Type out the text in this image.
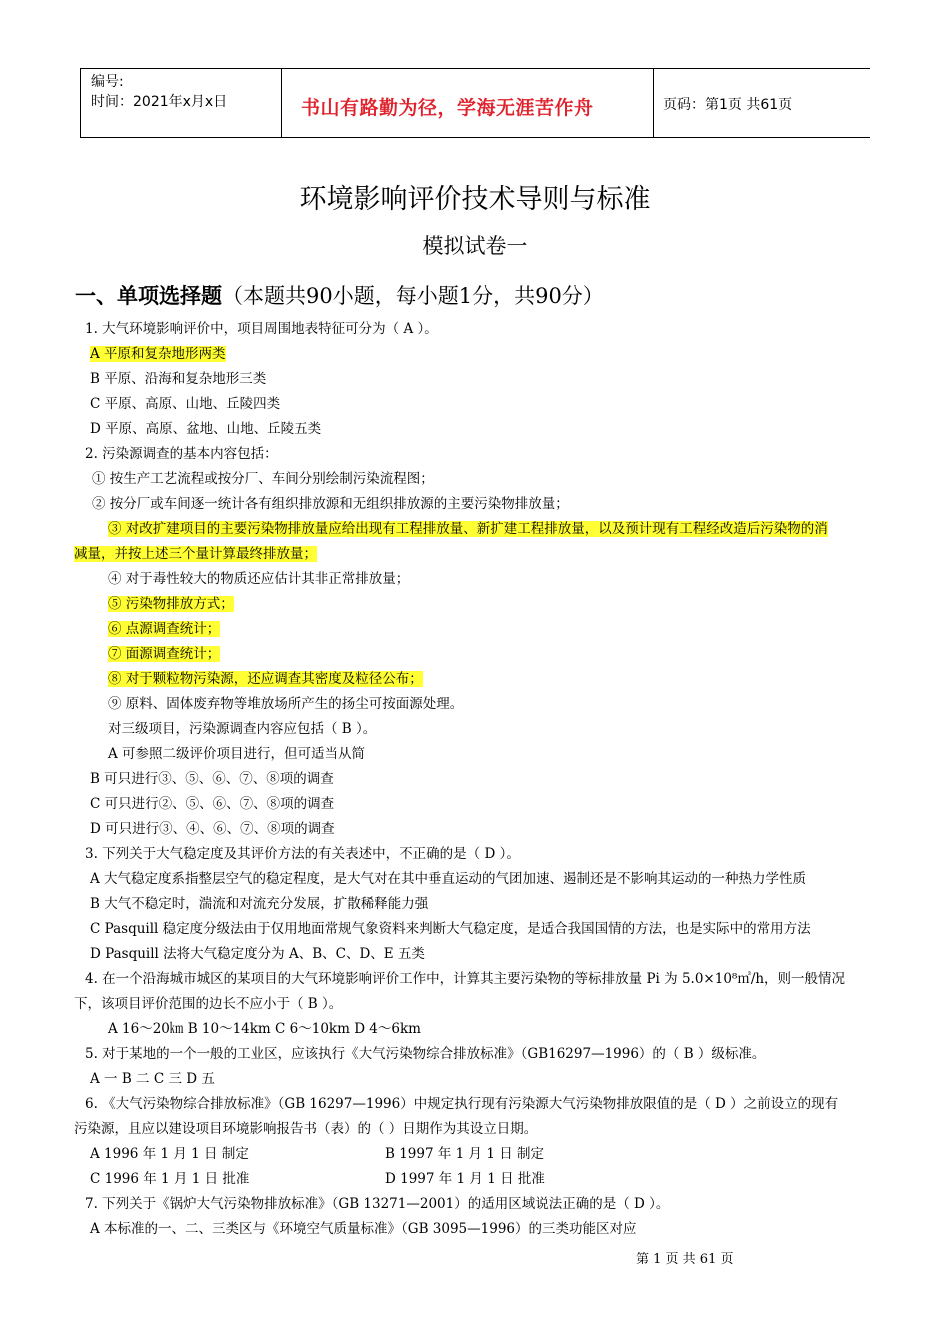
编号:
时间：2021年x月x日	书山有路勤为径，学海无涯苦作舟	页码：第1页 共61页
环境影响评价技术导则与标准
模拟试卷一
一、单项选择题（本题共90小题，每小题1分，共90分）
1. 大气环境影响评价中，项目周围地表特征可分为（ A ）。
A 平原和复杂地形两类
B 平原、沿海和复杂地形三类
C 平原、高原、山地、丘陵四类
D 平原、高原、盆地、山地、丘陵五类
2. 污染源调查的基本内容包括：
① 按生产工艺流程或按分厂、车间分别绘制污染流程图；
② 按分厂或车间逐一统计各有组织排放源和无组织排放源的主要污染物排放量；
③ 对改扩建项目的主要污染物排放量应给出现有工程排放量、新扩建工程排放量，以及预计现有工程经改造后污染物的消
减量，并按上述三个量计算最终排放量；
④ 对于毒性较大的物质还应估计其非正常排放量；
⑤ 污染物排放方式；
⑥ 点源调查统计；
⑦ 面源调查统计；
⑧ 对于颗粒物污染源，还应调查其密度及粒径公布；
⑨ 原料、固体废弃物等堆放场所产生的扬尘可按面源处理。
对三级项目，污染源调查内容应包括（ B ）。
A 可参照二级评价项目进行，但可适当从简
B 可只进行③、⑤、⑥、⑦、⑧项的调查
C 可只进行②、⑤、⑥、⑦、⑧项的调查
D 可只进行③、④、⑥、⑦、⑧项的调查
3. 下列关于大气稳定度及其评价方法的有关表述中，不正确的是（ D ）。
A 大气稳定度系指整层空气的稳定程度，是大气对在其中垂直运动的气团加速、遏制还是不影响其运动的一种热力学性质
B 大气不稳定时，湍流和对流充分发展，扩散稀释能力强
C Pasquill 稳定度分级法由于仅用地面常规气象资料来判断大气稳定度，是适合我国国情的方法，也是实际中的常用方法
D Pasquill 法将大气稳定度分为 A、B、C、D、E 五类
4. 在一个沿海城市城区的某项目的大气环境影响评价工作中，计算其主要污染物的等标排放量 Pi 为 5.0×10⁸㎥/h，则一般情况
下，该项目评价范围的边长不应小于（ B ）。
A 16～20㎞ B 10～14km C 6～10km D 4～6km
5. 对于某地的一个一般的工业区，应该执行《大气污染物综合排放标准》（GB16297—1996）的（ B ）级标准。
A 一 B 二 C 三 D 五
6. 《大气污染物综合排放标准》（GB 16297—1996）中规定执行现有污染源大气污染物排放限值的是（ D ）之前设立的现有
污染源，且应以建设项目环境影响报告书（表）的（ ）日期作为其设立日期。
A 1996 年 1 月 1 日 制定	B 1997 年 1 月 1 日 制定
C 1996 年 1 月 1 日 批准	D 1997 年 1 月 1 日 批准
7. 下列关于《锅炉大气污染物排放标准》（GB 13271—2001）的适用区域说法正确的是（ D ）。
A 本标准的一、二、三类区与《环境空气质量标准》（GB 3095—1996）的三类功能区对应
第 1 页 共 61 页
